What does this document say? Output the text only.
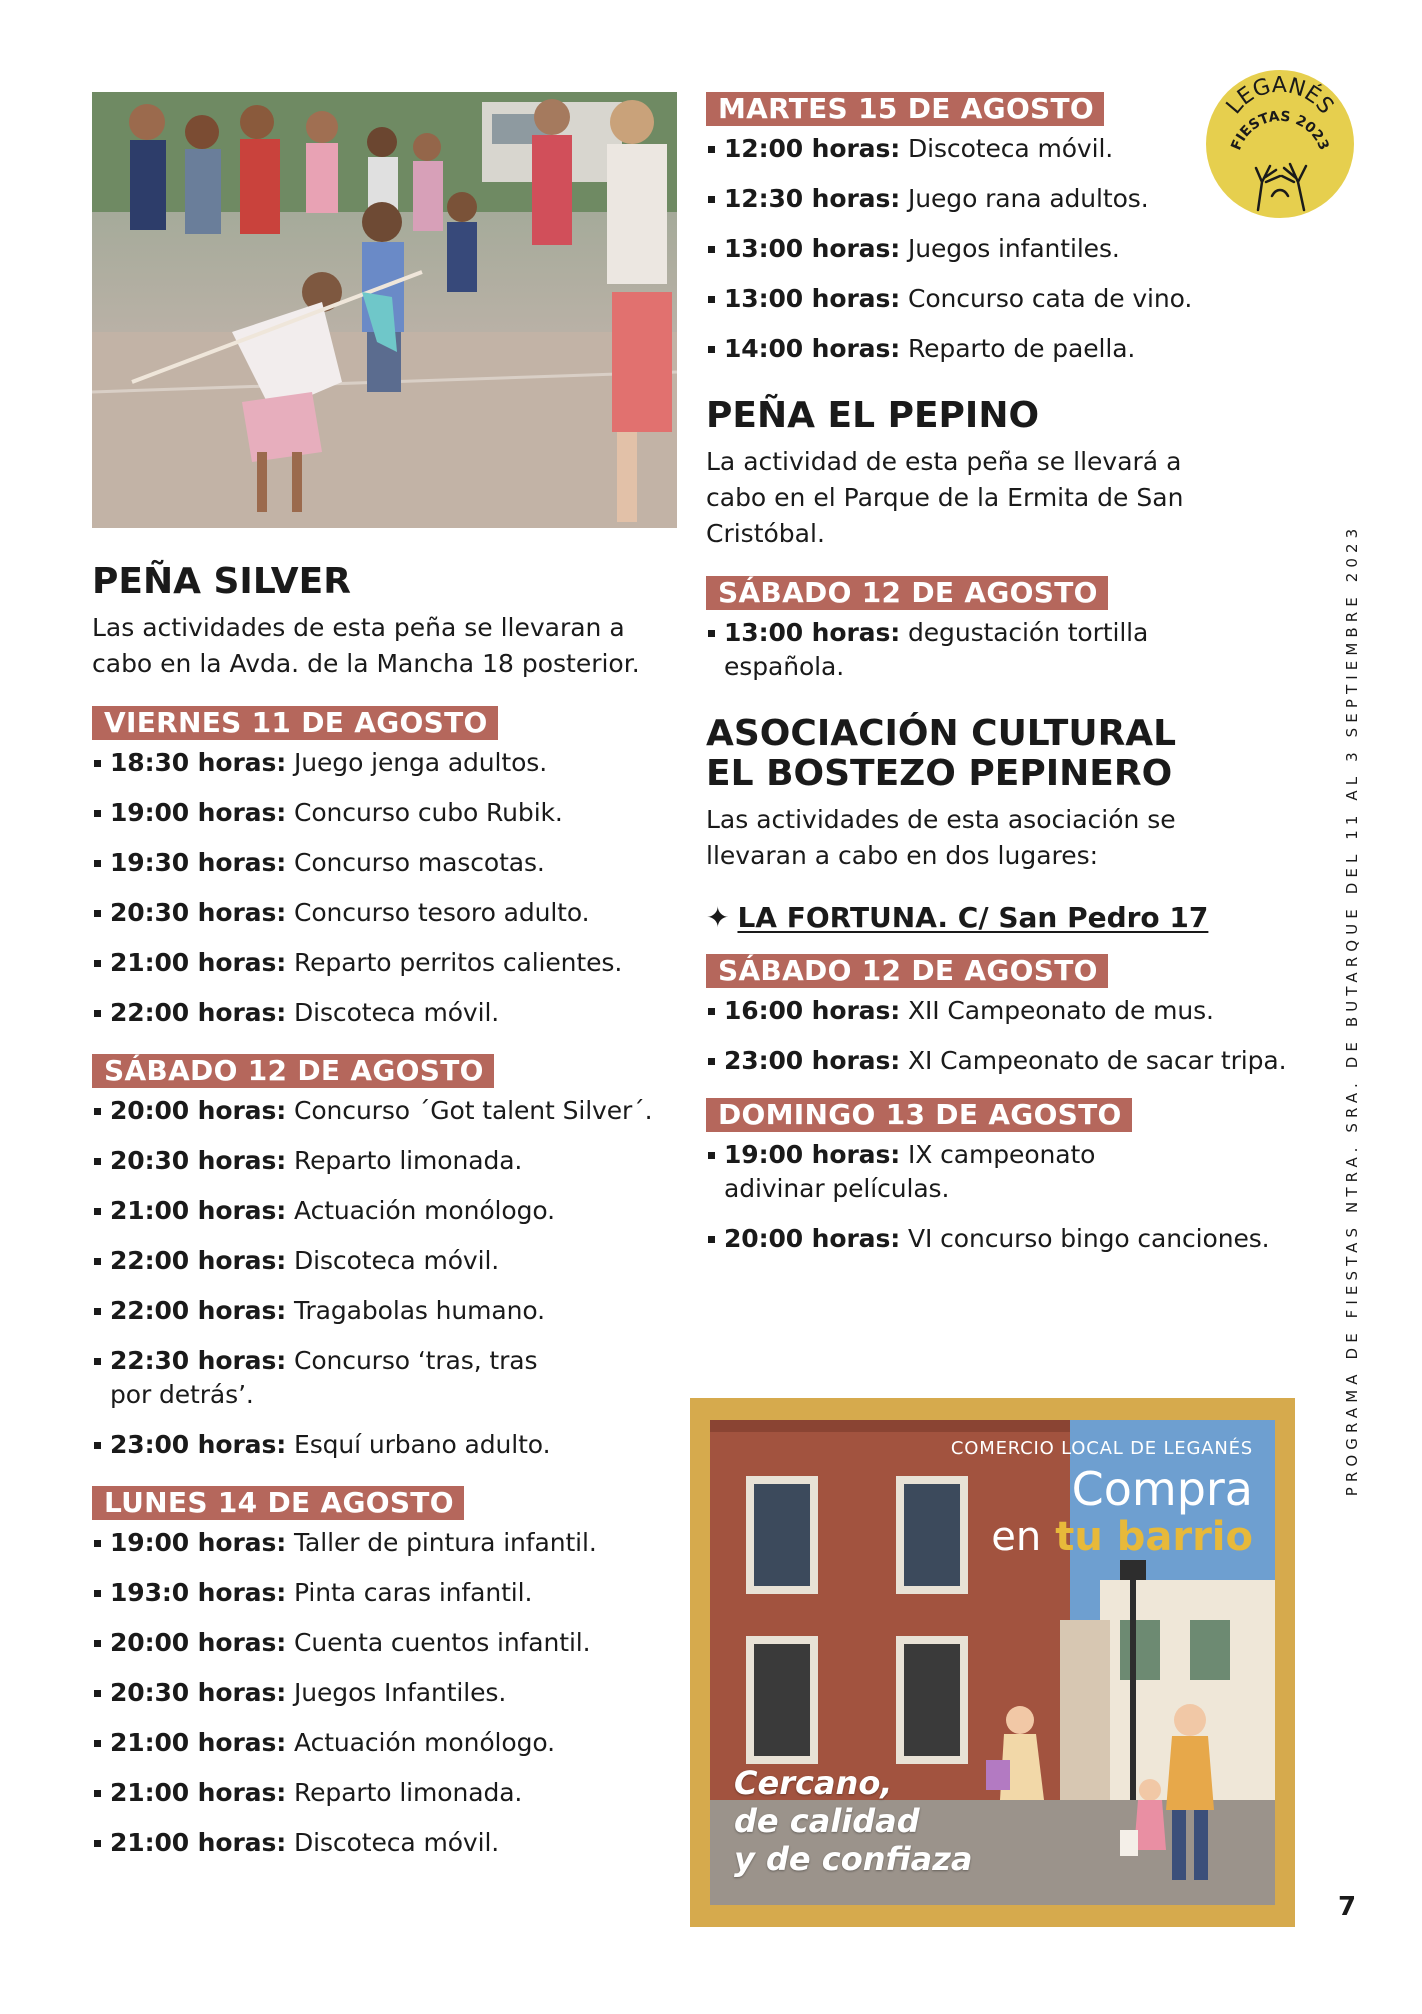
PEÑA SILVER

Las actividades de esta peña se llevaran a cabo en la Avda. de la Mancha 18 posterior.

VIERNES 11 DE AGOSTO
18:30 horas: Juego jenga adultos.
19:00 horas: Concurso cubo Rubik.
19:30 horas: Concurso mascotas.
20:30 horas: Concurso tesoro adulto.
21:00 horas: Reparto perritos calientes.
22:00 horas: Discoteca móvil.
SÁBADO 12 DE AGOSTO
20:00 horas: Concurso ´Got talent Silver´.
20:30 horas: Reparto limonada.
21:00 horas: Actuación monólogo.
22:00 horas: Discoteca móvil.
22:00 horas: Tragabolas humano.
22:30 horas: Concurso ‘tras, tras por detrás’.
23:00 horas: Esquí urbano adulto.
LUNES 14 DE AGOSTO
19:00 horas: Taller de pintura infantil.
193:0 horas: Pinta caras infantil.
20:00 horas: Cuenta cuentos infantil.
20:30 horas: Juegos Infantiles.
21:00 horas: Actuación monólogo.
21:00 horas: Reparto limonada.
21:00 horas: Discoteca móvil.
MARTES 15 DE AGOSTO
12:00 horas: Discoteca móvil.
12:30 horas: Juego rana adultos.
13:00 horas: Juegos infantiles.
13:00 horas: Concurso cata de vino.
14:00 horas: Reparto de paella.
PEÑA EL PEPINO

La actividad de esta peña se llevará a cabo en el Parque de la Ermita de San Cristóbal.

SÁBADO 12 DE AGOSTO
13:00 horas: degustación tortilla española.
ASOCIACIÓN CULTURAL
EL BOSTEZO PEPINERO

Las actividades de esta asociación se llevaran a cabo en dos lugares:

✦ LA FORTUNA. C/ San Pedro 17
SÁBADO 12 DE AGOSTO
16:00 horas: XII Campeonato de mus.
23:00 horas: XI Campeonato de sacar tripa.
DOMINGO 13 DE AGOSTO
19:00 horas: IX campeonato adivinar películas.
20:00 horas: VI concurso bingo canciones.
LEGANÉS
FIESTAS 2023
PROGRAMA DE FIESTAS NTRA. SRA. DE BUTARQUE DEL 11 AL 3 SEPTIEMBRE 2023
COMERCIO LOCAL DE LEGANÉS
Compra
en tu barrio
Cercano,
de calidad
y de confiaza
7
